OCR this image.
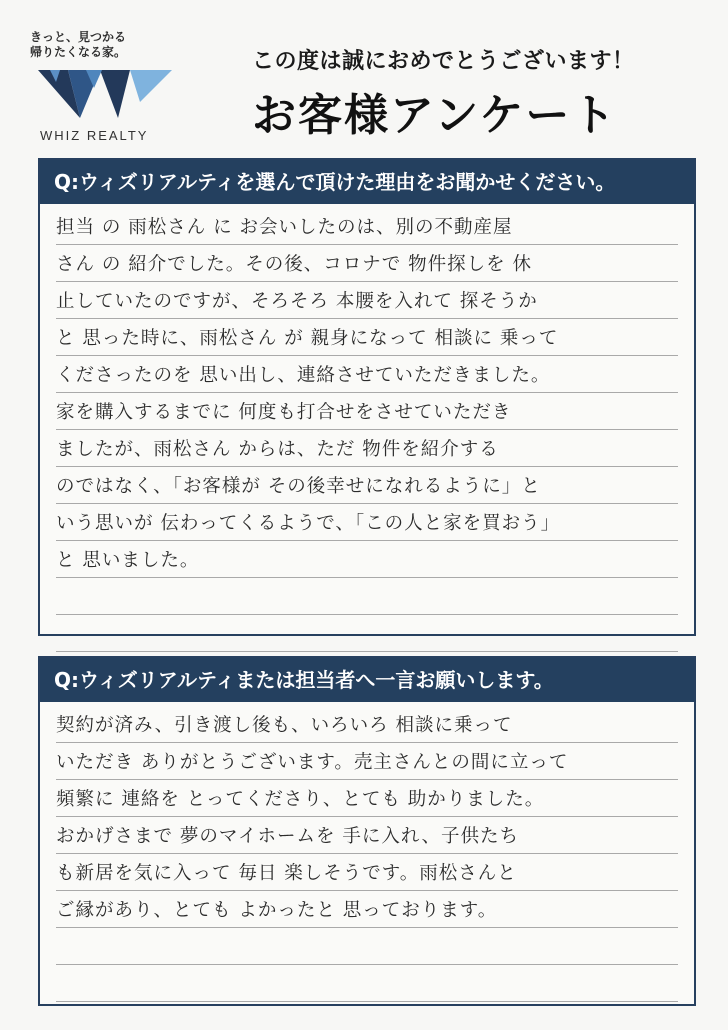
きっと、見つかる
帰りたくなる家。
WHIZ REALTY
この度は誠におめでとうございます！
お客様アンケート
Q:ウィズリアルティを選んで頂けた理由をお聞かせください。
担当 の 雨松さん に お会いしたのは、別の不動産屋
さん の 紹介でした。その後、コロナで 物件探しを 休
止していたのですが、そろそろ 本腰を入れて 探そうか
と 思った時に、雨松さん が 親身になって 相談に 乗って
くださったのを 思い出し、連絡させていただきました。
家を購入するまでに 何度も打合せをさせていただき
ましたが、雨松さん からは、ただ 物件を紹介する
のではなく、「お客様が その後幸せになれるように」と
いう思いが 伝わってくるようで、「この人と家を買おう」
と 思いました。
Q:ウィズリアルティまたは担当者へ一言お願いします。
契約が済み、引き渡し後も、いろいろ 相談に乗って
いただき ありがとうございます。売主さんとの間に立って
頻繁に 連絡を とってくださり、とても 助かりました。
おかげさまで 夢のマイホームを 手に入れ、子供たち
も新居を気に入って 毎日 楽しそうです。雨松さんと
ご縁があり、とても よかったと 思っております。
